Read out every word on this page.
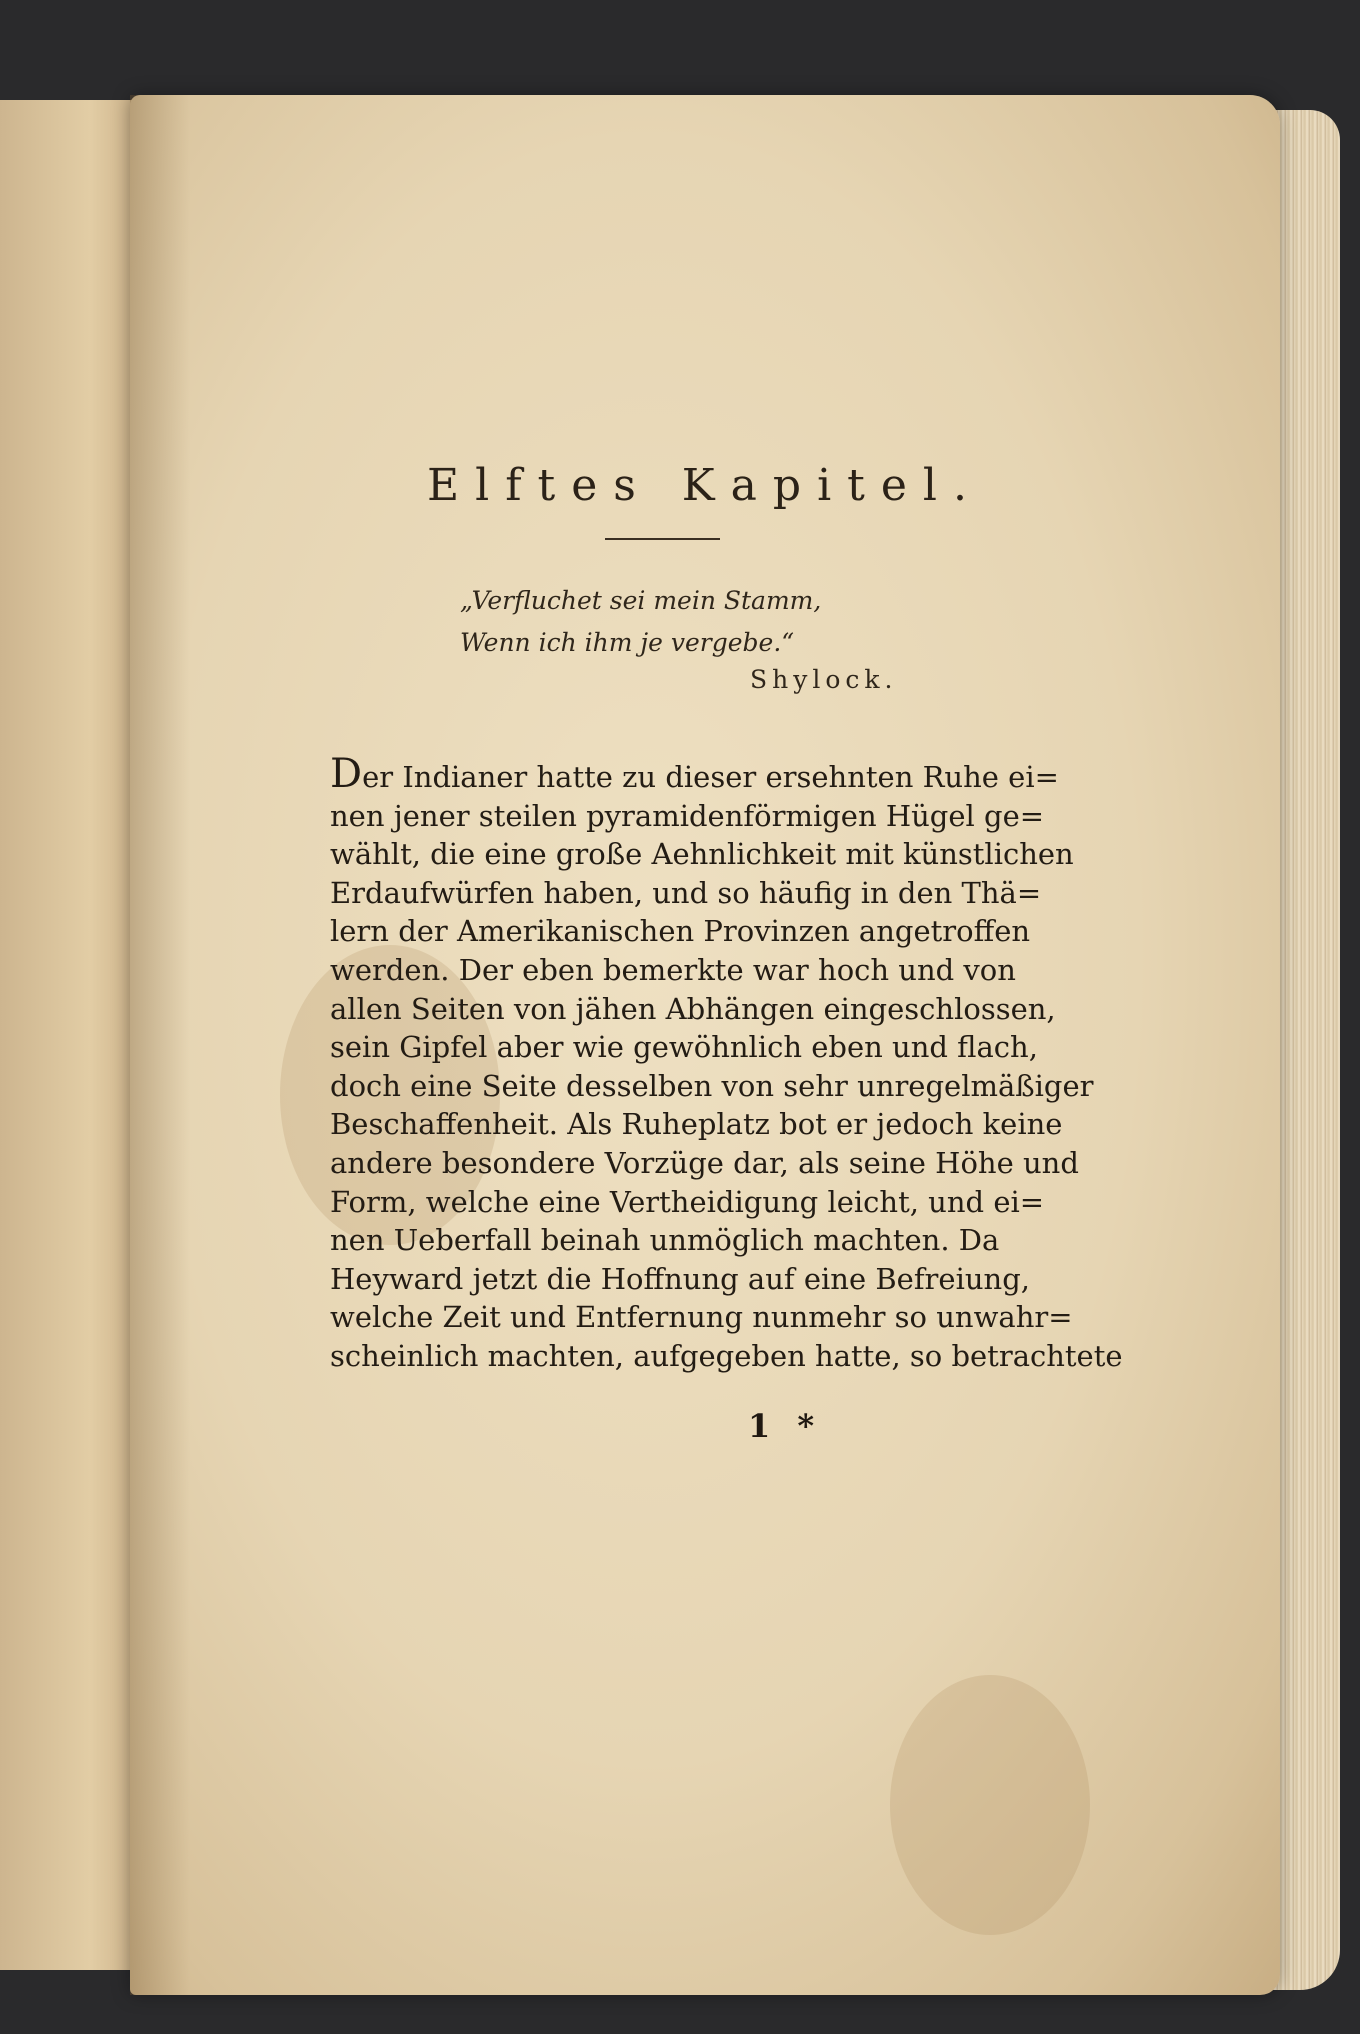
Elftes Kapitel.
„Verfluchet sei mein Stamm,
Wenn ich ihm je vergebe.“
Shylock.
Der Indianer hatte zu dieser ersehnten Ruhe ei=
nen jener steilen pyramidenförmigen Hügel ge=
wählt, die eine große Aehnlichkeit mit künstlichen
Erdaufwürfen haben, und so häufig in den Thä=
lern der Amerikanischen Provinzen angetroffen
werden. Der eben bemerkte war hoch und von
allen Seiten von jähen Abhängen eingeschlossen,
sein Gipfel aber wie gewöhnlich eben und flach,
doch eine Seite desselben von sehr unregelmäßiger
Beschaffenheit. Als Ruheplatz bot er jedoch keine
andere besondere Vorzüge dar, als seine Höhe und
Form, welche eine Vertheidigung leicht, und ei=
nen Ueberfall beinah unmöglich machten. Da
Heyward jetzt die Hoffnung auf eine Befreiung,
welche Zeit und Entfernung nunmehr so unwahr=
scheinlich machten, aufgegeben hatte, so betrachtete
1 *
